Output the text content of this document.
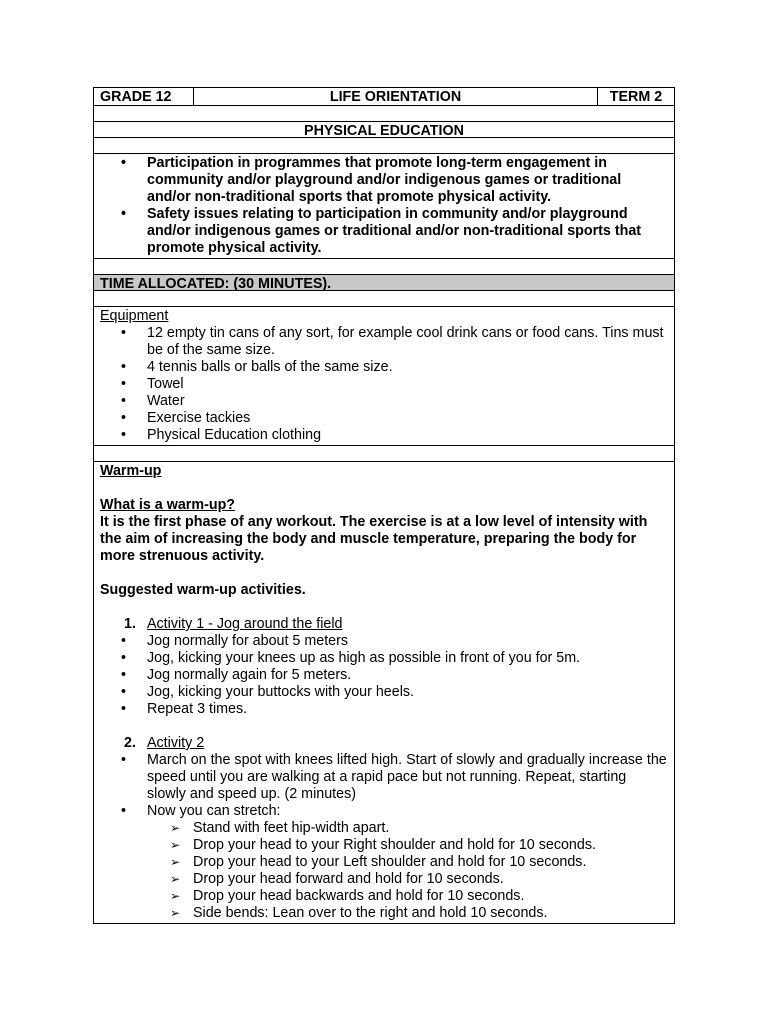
GRADE 12	LIFE ORIENTATION	TERM 2
PHYSICAL EDUCATION
• Participation in programmes that promote long-term engagement in community and/or playground and/or indigenous games or traditional and/or non-traditional sports that promote physical activity.
• Safety issues relating to participation in community and/or playground and/or indigenous games or traditional and/or non-traditional sports that promote physical activity.
TIME ALLOCATED: (30 MINUTES).
Equipment
• 12 empty tin cans of any sort, for example cool drink cans or food cans. Tins must be of the same size.
• 4 tennis balls or balls of the same size.
• Towel
• Water
• Exercise tackies
• Physical Education clothing
Warm-up
What is a warm-up?
It is the first phase of any workout. The exercise is at a low level of intensity with the aim of increasing the body and muscle temperature, preparing the body for more strenuous activity.
Suggested warm-up activities.
1. Activity 1 - Jog around the field
• Jog normally for about 5 meters
• Jog, kicking your knees up as high as possible in front of you for 5m.
• Jog normally again for 5 meters.
• Jog, kicking your buttocks with your heels.
• Repeat 3 times.
2. Activity 2
• March on the spot with knees lifted high. Start of slowly and gradually increase the speed until you are walking at a rapid pace but not running. Repeat, starting slowly and speed up. (2 minutes)
• Now you can stretch:
➢ Stand with feet hip-width apart.
➢ Drop your head to your Right shoulder and hold for 10 seconds.
➢ Drop your head to your Left shoulder and hold for 10 seconds.
➢ Drop your head forward and hold for 10 seconds.
➢ Drop your head backwards and hold for 10 seconds.
➢ Side bends: Lean over to the right and hold 10 seconds.
